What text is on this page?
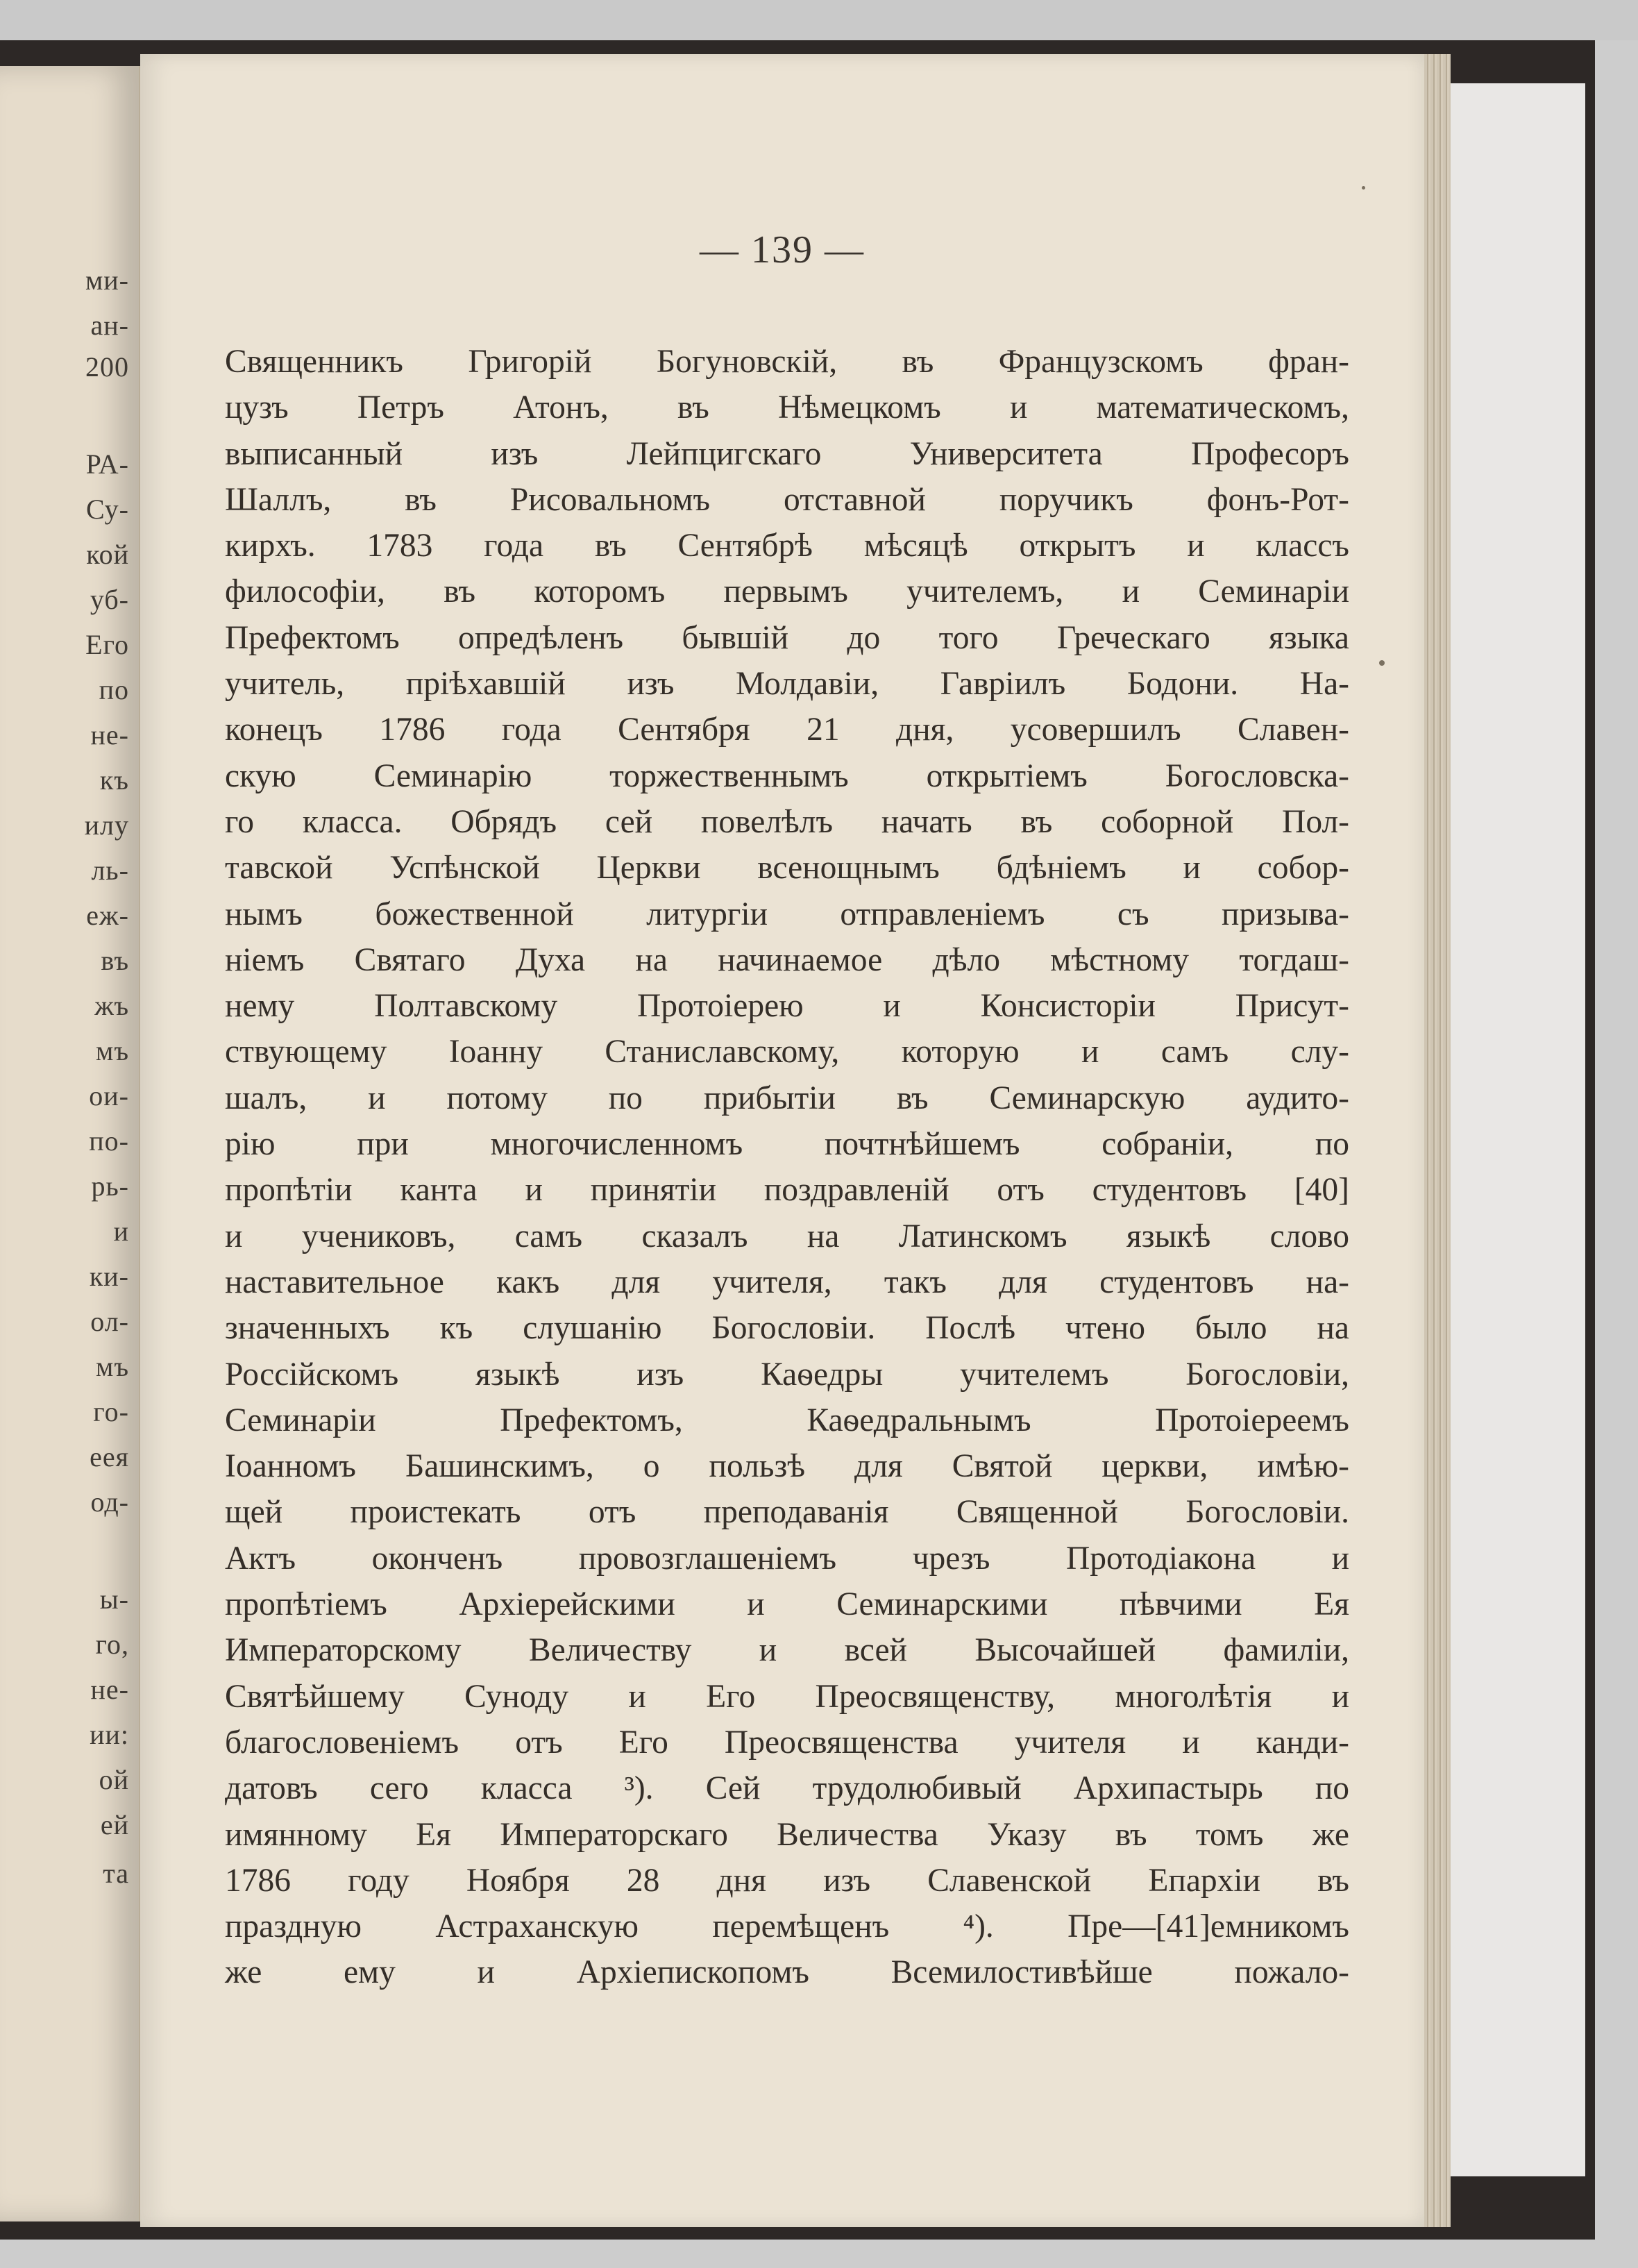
ми-
ан-
200
РА-
Су-
кой
уб-
Его
по
не-
къ
илу
ль-
еж-
въ
жъ
мъ
ои-
по-
рь-
и
ки-
ол-
мъ
го-
еея
од-
ы-
го,
не-
ии:
ой
ей
та
— 139 —
Священникъ Григорій Богуновскій, въ Французскомъ фран-
цузъ Петръ Атонъ, въ Нѣмецкомъ и математическомъ,
выписанный изъ Лейпцигскаго Университета Професоръ
Шаллъ, въ Рисовальномъ отставной поручикъ фонъ-Рот-
кирхъ. 1783 года въ Сентябрѣ мѣсяцѣ открытъ и классъ
философіи, въ которомъ первымъ учителемъ, и Семинаріи
Префектомъ опредѣленъ бывшій до того Греческаго языка
учитель, пріѣхавшій изъ Молдавіи, Гавріилъ Бодони. На-
конецъ 1786 года Сентября 21 дня, усовершилъ Славен-
скую Семинарію торжественнымъ открытіемъ Богословска-
го класса. Обрядъ сей повелѣлъ начать въ соборной Пол-
тавской Успѣнской Церкви всенощнымъ бдѣніемъ и собор-
нымъ божественной литургіи отправленіемъ съ призыва-
ніемъ Святаго Духа на начинаемое дѣло мѣстному тогдаш-
нему Полтавскому Протоіерею и Консисторіи Присут-
ствующему Іоанну Станиславскому, которую и самъ слу-
шалъ, и потому по прибытіи въ Семинарскую аудито-
рію при многочисленномъ почтнѣйшемъ собраніи, по
пропѣтіи канта и принятіи поздравленій отъ студентовъ [40]
и учениковъ, самъ сказалъ на Латинскомъ языкѣ слово
наставительное какъ для учителя, такъ для студентовъ на-
значенныхъ къ слушанію Богословіи. Послѣ чтено было на
Россійскомъ языкѣ изъ Каѳедры учителемъ Богословіи,
Семинаріи Префектомъ, Каѳедральнымъ Протоіереемъ
Іоанномъ Башинскимъ, о пользѣ для Святой церкви, имѣю-
щей проистекать отъ преподаванія Священной Богословіи.
Актъ оконченъ провозглашеніемъ чрезъ Протодіакона и
пропѣтіемъ Архіерейскими и Семинарскими пѣвчими Ея
Императорскому Величеству и всей Высочайшей фамиліи,
Святѣйшему Суноду и Его Преосвященству, многолѣтія и
благословеніемъ отъ Его Преосвященства учителя и канди-
датовъ сего класса ³). Сей трудолюбивый Архипастырь по
имянному Ея Императорскаго Величества Указу въ томъ же
1786 году Ноября 28 дня изъ Славенской Епархіи въ
праздную Астраханскую перемѣщенъ ⁴). Пре—[41]емникомъ
же ему и Архіепископомъ Всемилостивѣйше пожало-
